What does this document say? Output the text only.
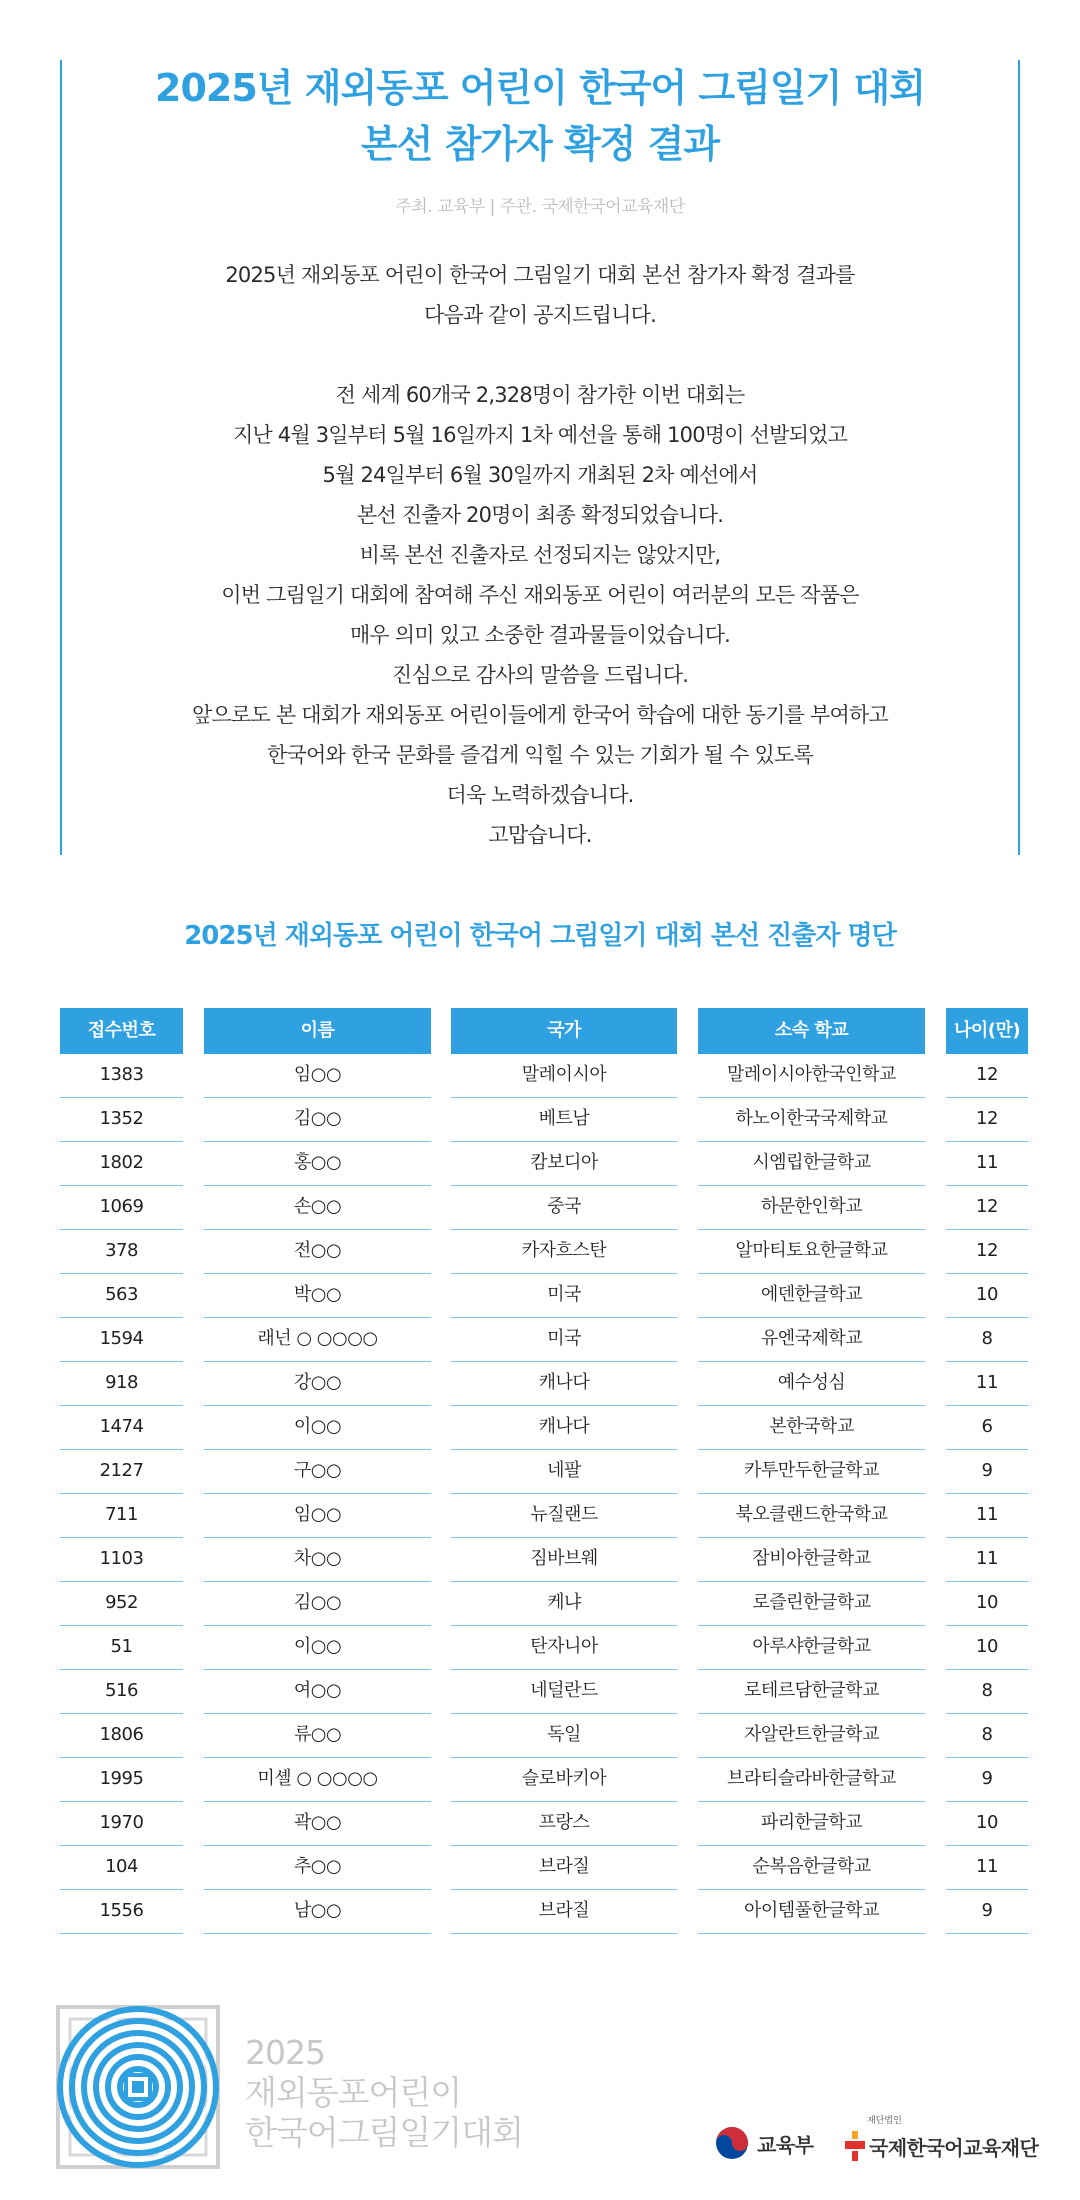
2025년 재외동포 어린이 한국어 그림일기 대회
본선 참가자 확정 결과
주최. 교육부 | 주관. 국제한국어교육재단
2025년 재외동포 어린이 한국어 그림일기 대회 본선 참가자 확정 결과를
다음과 같이 공지드립니다.
전 세계 60개국 2,328명이 참가한 이번 대회는
지난 4월 3일부터 5월 16일까지 1차 예선을 통해 100명이 선발되었고
5월 24일부터 6월 30일까지 개최된 2차 예선에서
본선 진출자 20명이 최종 확정되었습니다.
비록 본선 진출자로 선정되지는 않았지만,
이번 그림일기 대회에 참여해 주신 재외동포 어린이 여러분의 모든 작품은
매우 의미 있고 소중한 결과물들이었습니다.
진심으로 감사의 말씀을 드립니다.
앞으로도 본 대회가 재외동포 어린이들에게 한국어 학습에 대한 동기를 부여하고
한국어와 한국 문화를 즐겁게 익힐 수 있는 기회가 될 수 있도록
더욱 노력하겠습니다.
고맙습니다.
2025년 재외동포 어린이 한국어 그림일기 대회 본선 진출자 명단
접수번호	이름	국가	소속 학교	나이(만)
1383	임○○	말레이시아	말레이시아한국인학교	12
1352	김○○	베트남	하노이한국국제학교	12
1802	홍○○	캄보디아	시엠립한글학교	11
1069	손○○	중국	하문한인학교	12
378	전○○	카자흐스탄	알마티토요한글학교	12
563	박○○	미국	에덴한글학교	10
1594	래넌 ○ ○○○○	미국	유엔국제학교	8
918	강○○	캐나다	예수성심	11
1474	이○○	캐나다	본한국학교	6
2127	구○○	네팔	카투만두한글학교	9
711	임○○	뉴질랜드	북오클랜드한국학교	11
1103	차○○	짐바브웨	잠비아한글학교	11
952	김○○	케냐	로즐린한글학교	10
51	이○○	탄자니아	아루샤한글학교	10
516	여○○	네덜란드	로테르담한글학교	8
1806	류○○	독일	자알란트한글학교	8
1995	미셸 ○ ○○○○	슬로바키아	브라티슬라바한글학교	9
1970	곽○○	프랑스	파리한글학교	10
104	추○○	브라질	순복음한글학교	11
1556	남○○	브라질	아이템풀한글학교	9
2025
재외동포어린이
한국어그림일기대회	교육부
재단법인
국제한국어교육재단
